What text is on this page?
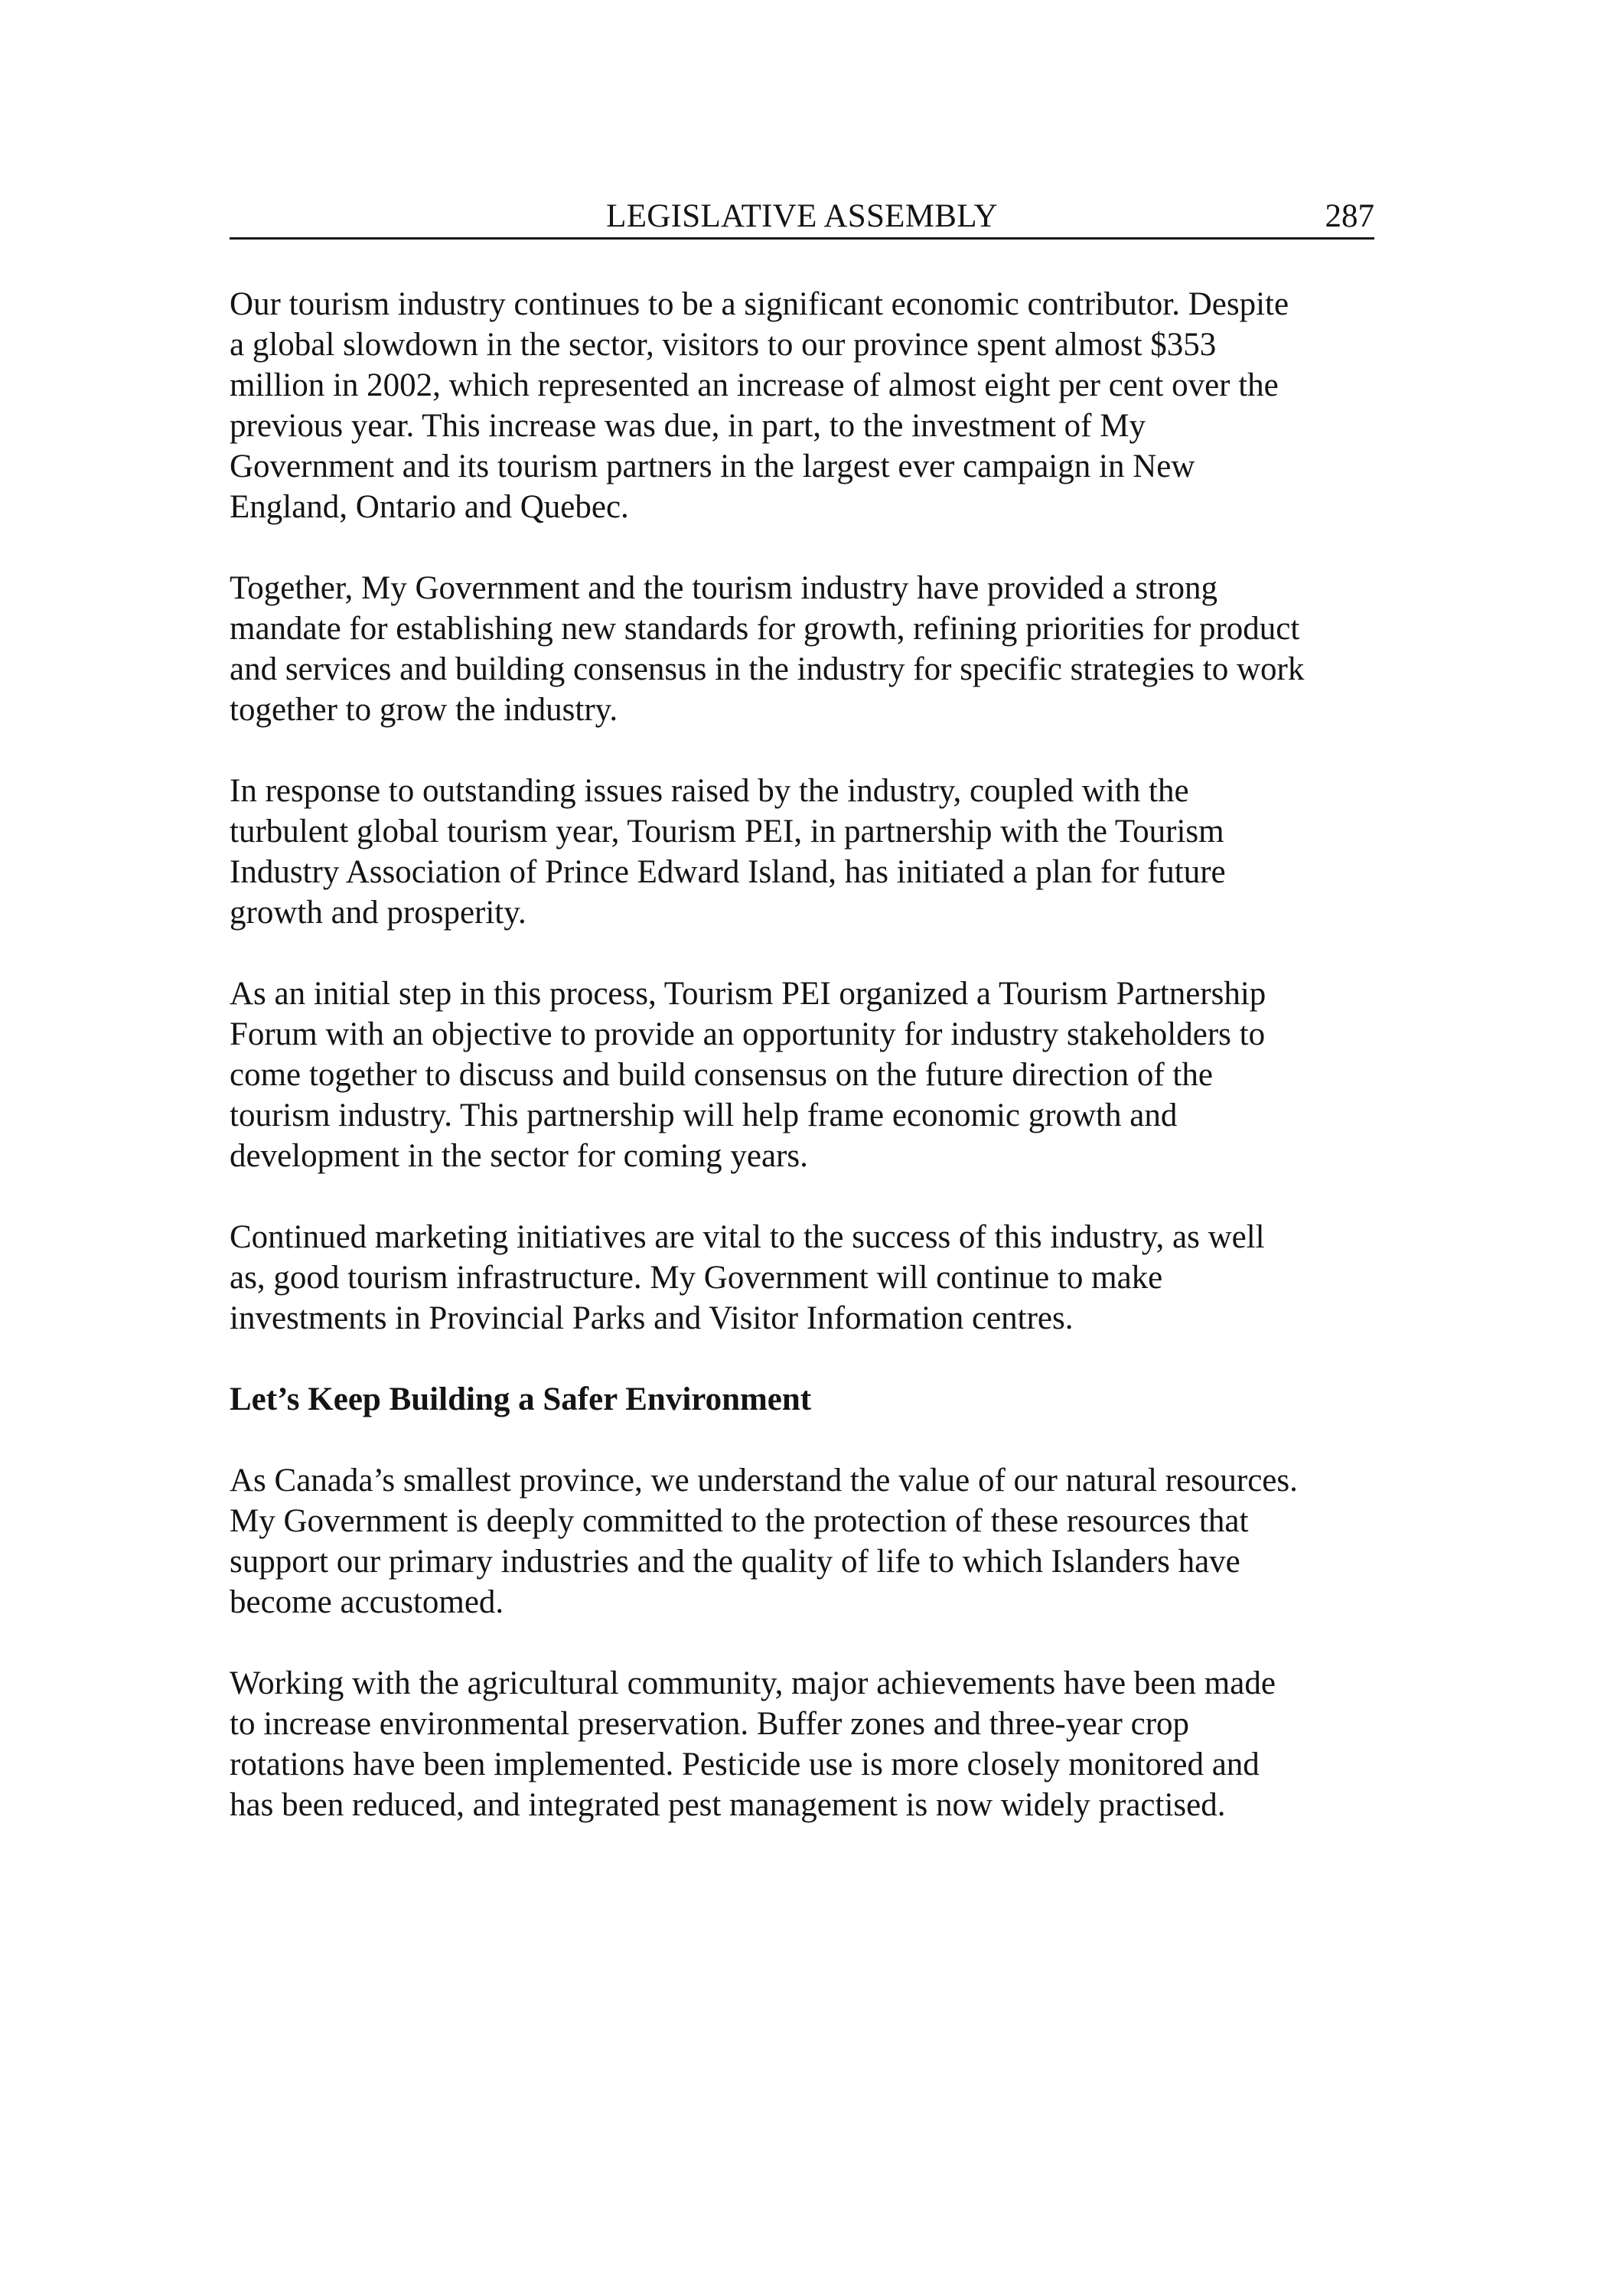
LEGISLATIVE ASSEMBLY	287

Our tourism industry continues to be a significant economic contributor. Despite
a global slowdown in the sector, visitors to our province spent almost $353
million in 2002, which represented an increase of almost eight per cent over the
previous year. This increase was due, in part, to the investment of My
Government and its tourism partners in the largest ever campaign in New
England, Ontario and Quebec.

Together, My Government and the tourism industry have provided a strong
mandate for establishing new standards for growth, refining priorities for product
and services and building consensus in the industry for specific strategies to work
together to grow the industry.

In response to outstanding issues raised by the industry, coupled with the
turbulent global tourism year, Tourism PEI, in partnership with the Tourism
Industry Association of Prince Edward Island, has initiated a plan for future
growth and prosperity.

As an initial step in this process, Tourism PEI organized a Tourism Partnership
Forum with an objective to provide an opportunity for industry stakeholders to
come together to discuss and build consensus on the future direction of the
tourism industry. This partnership will help frame economic growth and
development in the sector for coming years.

Continued marketing initiatives are vital to the success of this industry, as well
as, good tourism infrastructure. My Government will continue to make
investments in Provincial Parks and Visitor Information centres.

Let’s Keep Building a Safer Environment

As Canada’s smallest province, we understand the value of our natural resources.
My Government is deeply committed to the protection of these resources that
support our primary industries and the quality of life to which Islanders have
become accustomed.

Working with the agricultural community, major achievements have been made
to increase environmental preservation. Buffer zones and three-year crop
rotations have been implemented. Pesticide use is more closely monitored and
has been reduced, and integrated pest management is now widely practised.
